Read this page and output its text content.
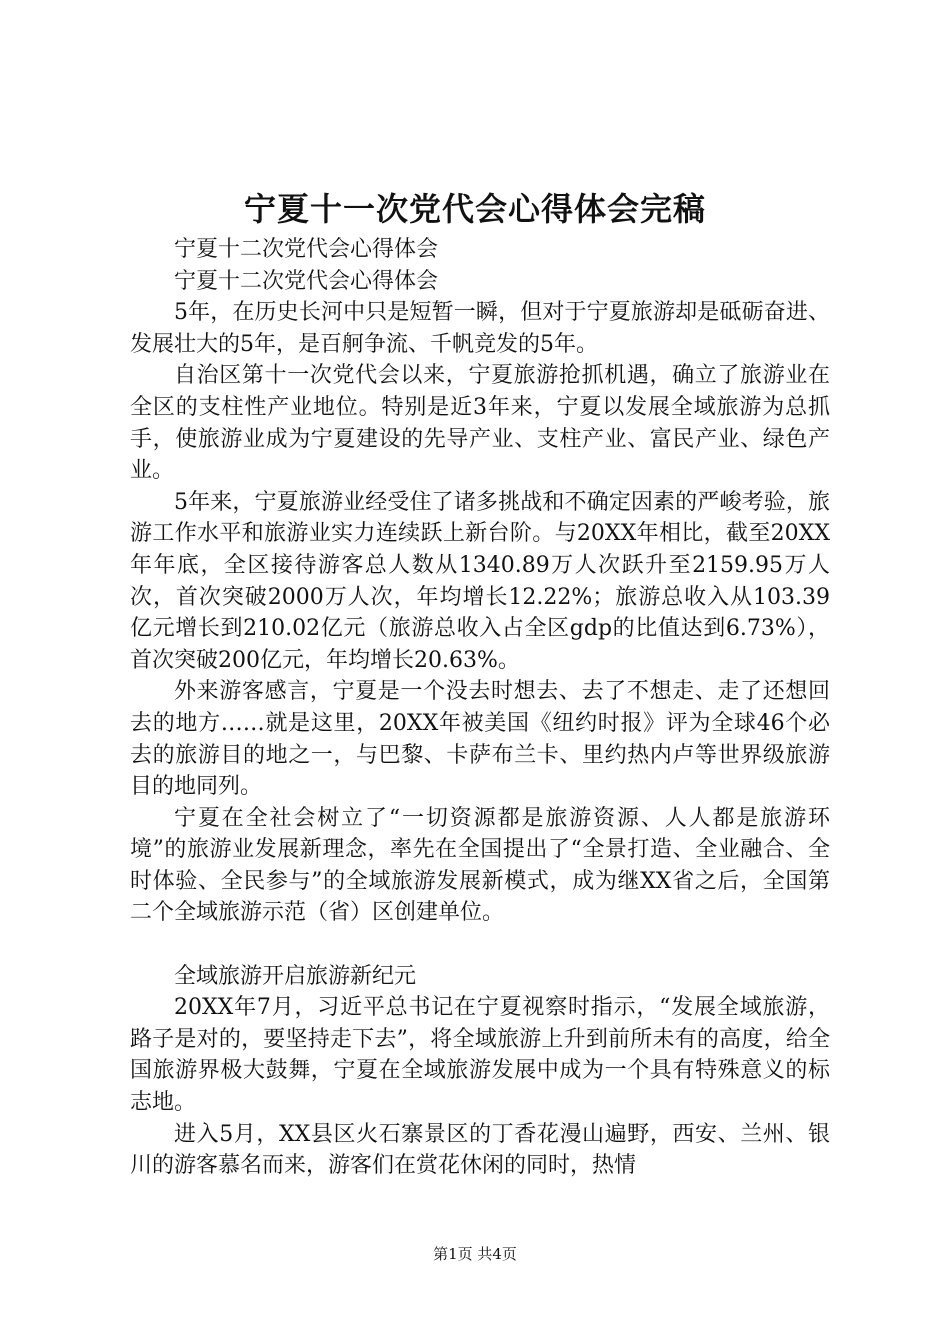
宁夏十一次党代会心得体会完稿

宁夏十二次党代会心得体会

宁夏十二次党代会心得体会

5年，在历史长河中只是短暂一瞬，但对于宁夏旅游却是砥砺奋进、发展壮大的5年，是百舸争流、千帆竞发的5年。

自治区第十一次党代会以来，宁夏旅游抢抓机遇，确立了旅游业在全区的支柱性产业地位。特别是近3年来，宁夏以发展全域旅游为总抓手，使旅游业成为宁夏建设的先导产业、支柱产业、富民产业、绿色产业。

5年来，宁夏旅游业经受住了诸多挑战和不确定因素的严峻考验，旅游工作水平和旅游业实力连续跃上新台阶。与20XX年相比，截至20XX年年底，全区接待游客总人数从1340.89万人次跃升至2159.95万人次，首次突破2000万人次，年均增长12.22%；旅游总收入从103.39亿元增长到210.02亿元（旅游总收入占全区gdp的比值达到6.73%），首次突破200亿元，年均增长20.63%。

外来游客感言，宁夏是一个没去时想去、去了不想走、走了还想回去的地方……就是这里，20XX年被美国《纽约时报》评为全球46个必去的旅游目的地之一，与巴黎、卡萨布兰卡、里约热内卢等世界级旅游目的地同列。

宁夏在全社会树立了“一切资源都是旅游资源、人人都是旅游环境”的旅游业发展新理念，率先在全国提出了“全景打造、全业融合、全时体验、全民参与”的全域旅游发展新模式，成为继XX省之后，全国第二个全域旅游示范（省）区创建单位。

全域旅游开启旅游新纪元

20XX年7月，习近平总书记在宁夏视察时指示，“发展全域旅游，路子是对的，要坚持走下去”，将全域旅游上升到前所未有的高度，给全国旅游界极大鼓舞，宁夏在全域旅游发展中成为一个具有特殊意义的标志地。

进入5月，XX县区火石寨景区的丁香花漫山遍野，西安、兰州、银川的游客慕名而来，游客们在赏花休闲的同时，热情

第1页 共4页
